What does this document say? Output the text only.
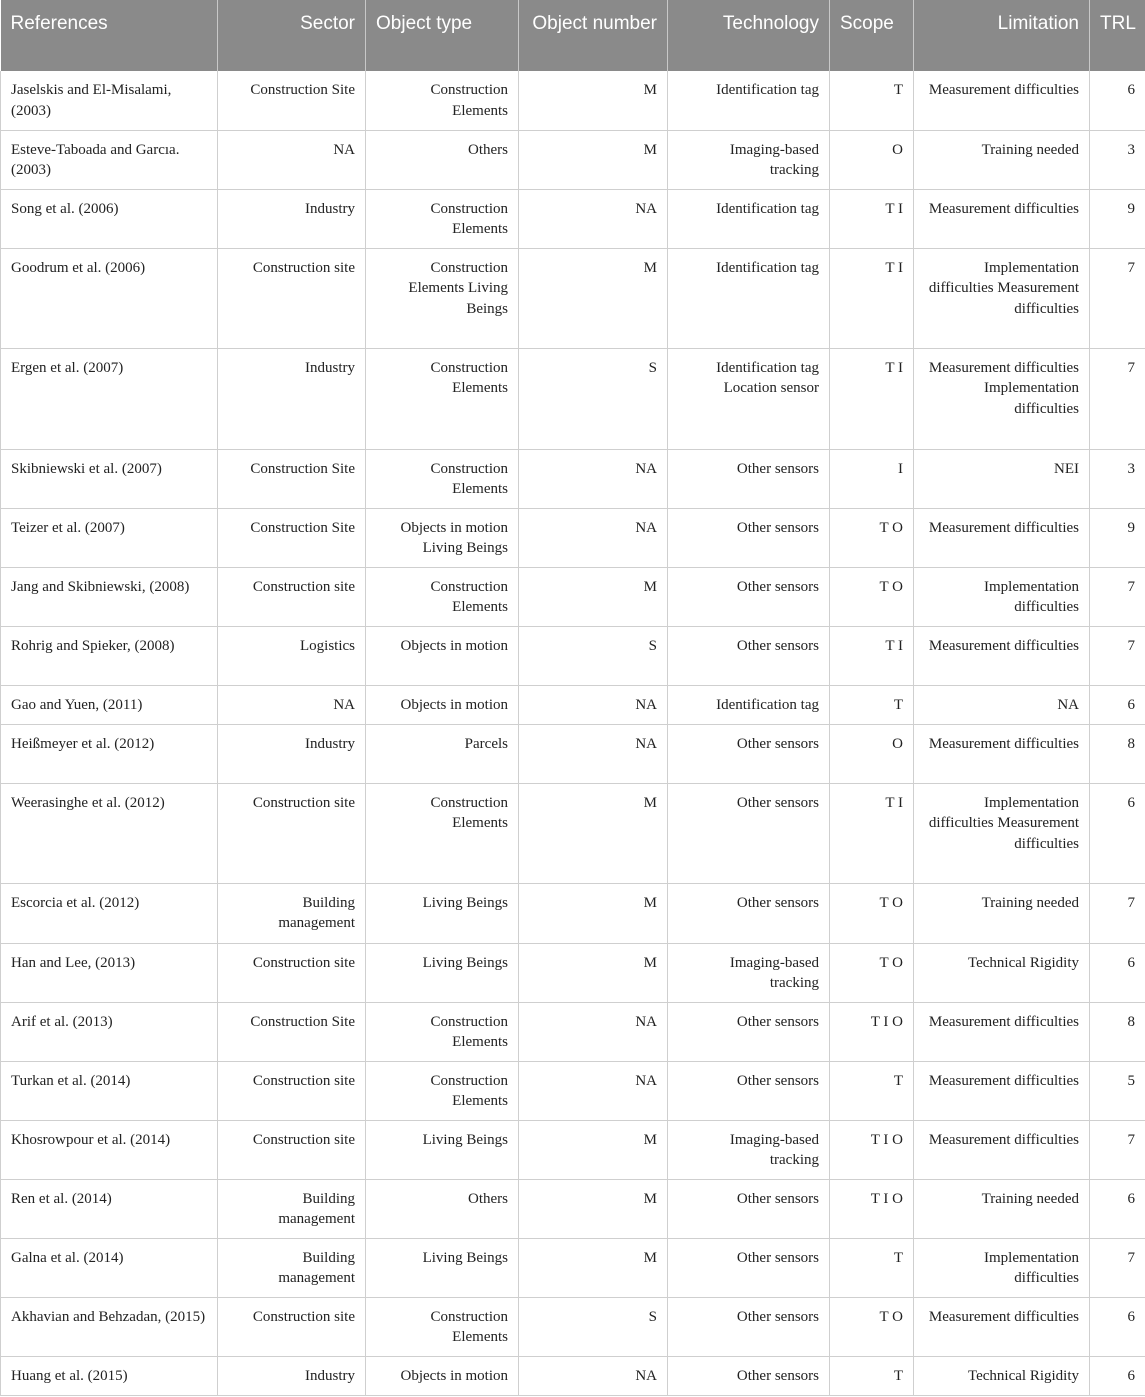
References	Sector	Object type	Object number	Technology	Scope	Limitation	TRL
Jaselskis and El-Misalami, (2003)	Construction Site	Construction Elements	M	Identification tag	T	Measurement difficulties	6
Esteve-Taboada and Garcıa. (2003)	NA	Others	M	Imaging-based tracking	O	Training needed	3
Song et al. (2006)	Industry	Construction Elements	NA	Identification tag	T I	Measurement difficulties	9
Goodrum et al. (2006)	Construction site	Construction Elements Living Beings	M	Identification tag	T I	Implementation difficulties Measurement difficulties	7
Ergen et al. (2007)	Industry	Construction Elements	S	Identification tag Location sensor	T I	Measurement difficulties Implementation difficulties	7
Skibniewski et al. (2007)	Construction Site	Construction Elements	NA	Other sensors	I	NEI	3
Teizer et al. (2007)	Construction Site	Objects in motion Living Beings	NA	Other sensors	T O	Measurement difficulties	9
Jang and Skibniewski, (2008)	Construction site	Construction Elements	M	Other sensors	T O	Implementation difficulties	7
Rohrig and Spieker, (2008)	Logistics	Objects in motion	S	Other sensors	T I	Measurement difficulties	7
Gao and Yuen, (2011)	NA	Objects in motion	NA	Identification tag	T	NA	6
Heißmeyer et al. (2012)	Industry	Parcels	NA	Other sensors	O	Measurement difficulties	8
Weerasinghe et al. (2012)	Construction site	Construction Elements	M	Other sensors	T I	Implementation difficulties Measurement difficulties	6
Escorcia et al. (2012)	Building management	Living Beings	M	Other sensors	T O	Training needed	7
Han and Lee, (2013)	Construction site	Living Beings	M	Imaging-based tracking	T O	Technical Rigidity	6
Arif et al. (2013)	Construction Site	Construction Elements	NA	Other sensors	T I O	Measurement difficulties	8
Turkan et al. (2014)	Construction site	Construction Elements	NA	Other sensors	T	Measurement difficulties	5
Khosrowpour et al. (2014)	Construction site	Living Beings	M	Imaging-based tracking	T I O	Measurement difficulties	7
Ren et al. (2014)	Building management	Others	M	Other sensors	T I O	Training needed	6
Galna et al. (2014)	Building management	Living Beings	M	Other sensors	T	Implementation difficulties	7
Akhavian and Behzadan, (2015)	Construction site	Construction Elements	S	Other sensors	T O	Measurement difficulties	6
Huang et al. (2015)	Industry	Objects in motion	NA	Other sensors	T	Technical Rigidity	6
